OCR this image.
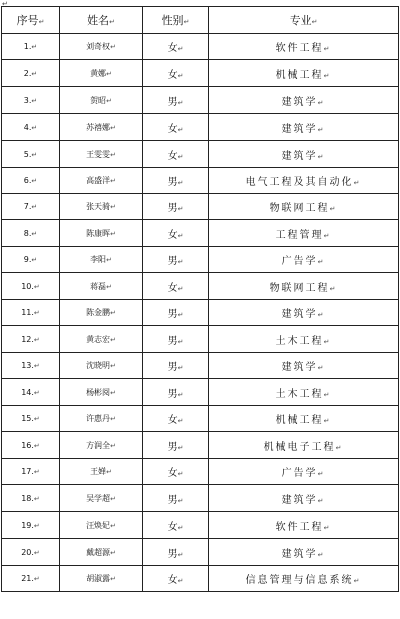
↵
序号↵	姓名↵	性别↵	专业↵
1.↵	刘奇权↵	女↵	软件工程↵
2.↵	黄娜↵	女↵	机械工程↵
3.↵	贺昭↵	男↵	建筑学↵
4.↵	苏禧娜↵	女↵	建筑学↵
5.↵	王雯雯↵	女↵	建筑学↵
6.↵	高盛洋↵	男↵	电气工程及其自动化↵
7.↵	张天骑↵	男↵	物联网工程↵
8.↵	陈康晖↵	女↵	工程管理↵
9.↵	李阳↵	男↵	广告学↵
10.↵	蒋磊↵	女↵	物联网工程↵
11.↵	陈金鹏↵	男↵	建筑学↵
12.↵	黄志宏↵	男↵	土木工程↵
13.↵	沈晓明↵	男↵	建筑学↵
14.↵	杨彬阅↵	男↵	土木工程↵
15.↵	许惠丹↵	女↵	机械工程↵
16.↵	方润全↵	男↵	机械电子工程↵
17.↵	王婵↵	女↵	广告学↵
18.↵	吴学超↵	男↵	建筑学↵
19.↵	汪焕妃↵	女↵	软件工程↵
20.↵	戴超源↵	男↵	建筑学↵
21.↵	胡淑露↵	女↵	信息管理与信息系统↵
